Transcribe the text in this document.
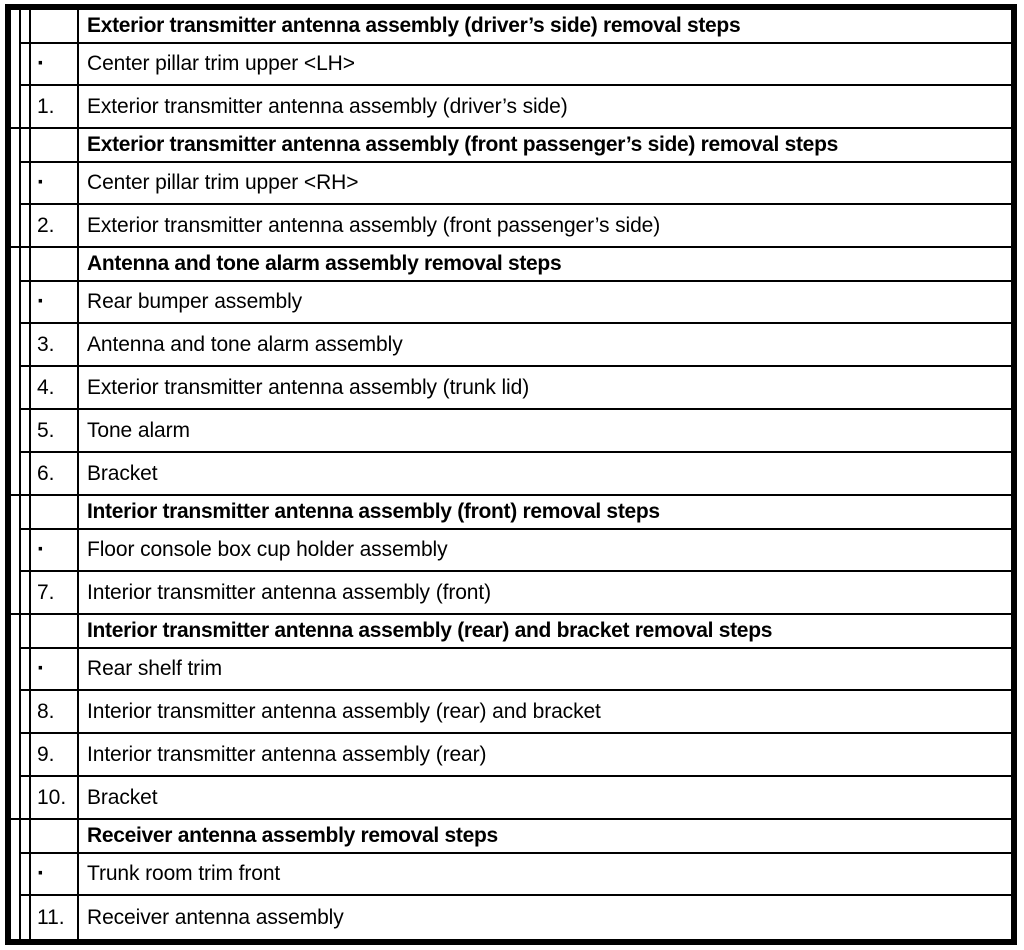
Exterior transmitter antenna assembly (driver’s side) removal steps
·	Center pillar trim upper <LH>
1.	Exterior transmitter antenna assembly (driver’s side)
Exterior transmitter antenna assembly (front passenger’s side) removal steps
·	Center pillar trim upper <RH>
2.	Exterior transmitter antenna assembly (front passenger’s side)
Antenna and tone alarm assembly removal steps
·	Rear bumper assembly
3.	Antenna and tone alarm assembly
4.	Exterior transmitter antenna assembly (trunk lid)
5.	Tone alarm
6.	Bracket
Interior transmitter antenna assembly (front) removal steps
·	Floor console box cup holder assembly
7.	Interior transmitter antenna assembly (front)
Interior transmitter antenna assembly (rear) and bracket removal steps
·	Rear shelf trim
8.	Interior transmitter antenna assembly (rear) and bracket
9.	Interior transmitter antenna assembly (rear)
10. Bracket
Receiver antenna assembly removal steps
·	Trunk room trim front
11.	Receiver antenna assembly
